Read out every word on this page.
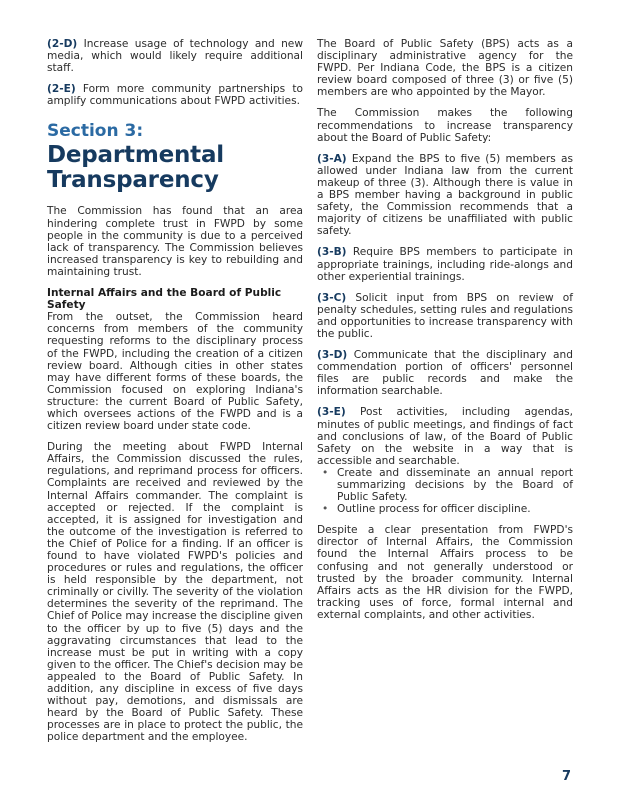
(2-D) Increase usage of technology and new media, which would likely require additional staff.

(2-E) Form more community partnerships to amplify communications about FWPD activities.

Section 3:
Departmental Transparency

The Commission has found that an area hindering complete trust in FWPD by some people in the community is due to a perceived lack of transparency. The Commission believes increased transparency is key to rebuilding and maintaining trust.

Internal Affairs and the Board of Public Safety

From the outset, the Commission heard concerns from members of the community requesting reforms to the disciplinary process of the FWPD, including the creation of a citizen review board. Although cities in other states may have different forms of these boards, the Commission focused on exploring Indiana's structure: the current Board of Public Safety, which oversees actions of the FWPD and is a citizen review board under state code.

During the meeting about FWPD Internal Affairs, the Commission discussed the rules, regulations, and reprimand process for officers. Complaints are received and reviewed by the Internal Affairs commander. The complaint is accepted or rejected. If the complaint is accepted, it is assigned for investigation and the outcome of the investigation is referred to the Chief of Police for a finding. If an officer is found to have violated FWPD's policies and procedures or rules and regulations, the officer is held responsible by the department, not criminally or civilly. The severity of the violation determines the severity of the reprimand. The Chief of Police may increase the discipline given to the officer by up to five (5) days and the aggravating circumstances that lead to the increase must be put in writing with a copy given to the officer. The Chief's decision may be appealed to the Board of Public Safety. In addition, any discipline in excess of five days without pay, demotions, and dismissals are heard by the Board of Public Safety. These processes are in place to protect the public, the police department and the employee.

The Board of Public Safety (BPS) acts as a disciplinary administrative agency for the FWPD. Per Indiana Code, the BPS is a citizen review board composed of three (3) or five (5) members are who appointed by the Mayor.

The Commission makes the following recommendations to increase transparency about the Board of Public Safety:

(3-A) Expand the BPS to five (5) members as allowed under Indiana law from the current makeup of three (3). Although there is value in a BPS member having a background in public safety, the Commission recommends that a majority of citizens be unaffiliated with public safety.

(3-B) Require BPS members to participate in appropriate trainings, including ride-alongs and other experiential trainings.

(3-C) Solicit input from BPS on review of penalty schedules, setting rules and regulations and opportunities to increase transparency with the public.

(3-D) Communicate that the disciplinary and commendation portion of officers' personnel files are public records and make the information searchable.

(3-E) Post activities, including agendas, minutes of public meetings, and findings of fact and conclusions of law, of the Board of Public Safety on the website in a way that is accessible and searchable.

• Create and disseminate an annual report summarizing decisions by the Board of Public Safety.
• Outline process for officer discipline.

Despite a clear presentation from FWPD's director of Internal Affairs, the Commission found the Internal Affairs process to be confusing and not generally understood or trusted by the broader community. Internal Affairs acts as the HR division for the FWPD, tracking uses of force, formal internal and external complaints, and other activities.

7
